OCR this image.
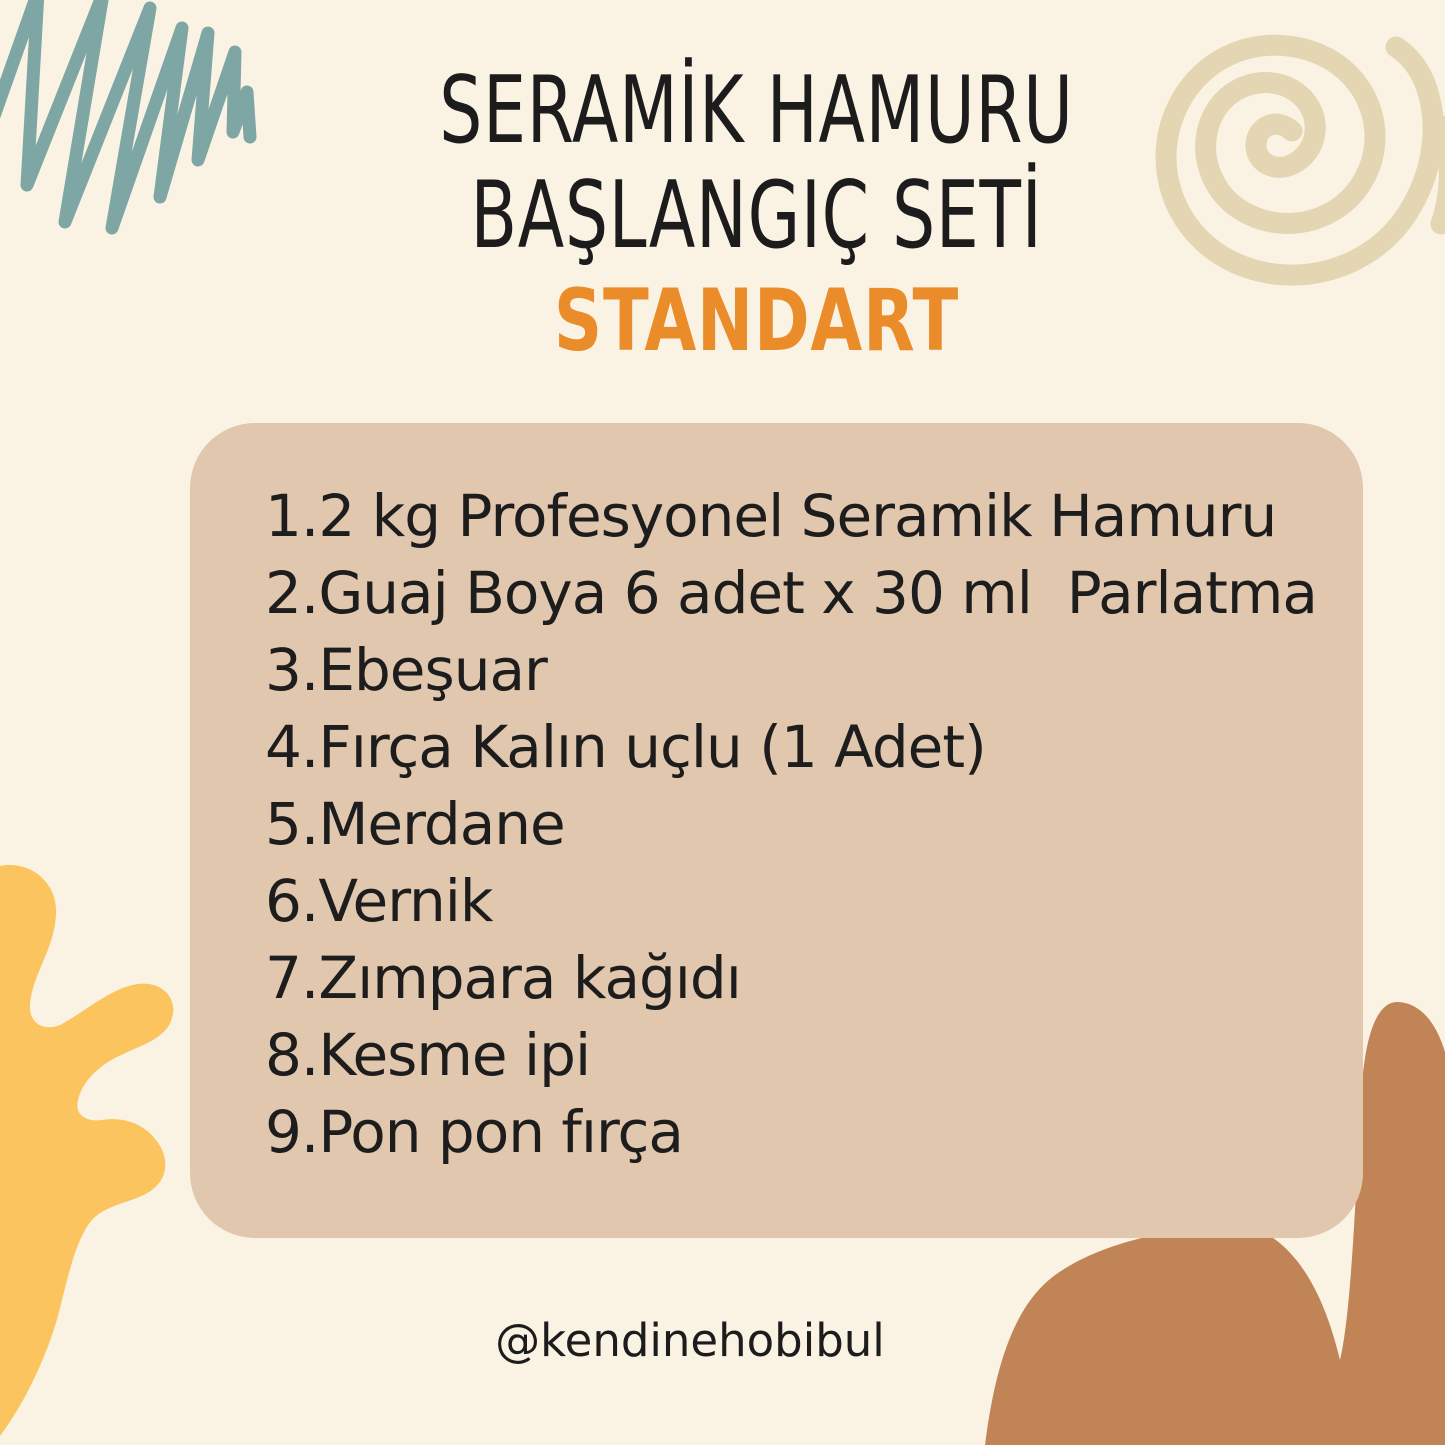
SERAMİK HAMURU
BAŞLANGIÇ SETİ
STANDART
1. 2 kg Profesyonel Seramik Hamuru
2. Guaj Boya 6 adet x 30 ml  Parlatma
3. Ebeşuar
4. Fırça Kalın uçlu (1 Adet)
5. Merdane
6. Vernik
7. Zımpara kağıdı
8. Kesme ipi
9. Pon pon fırça
@kendinehobibul
